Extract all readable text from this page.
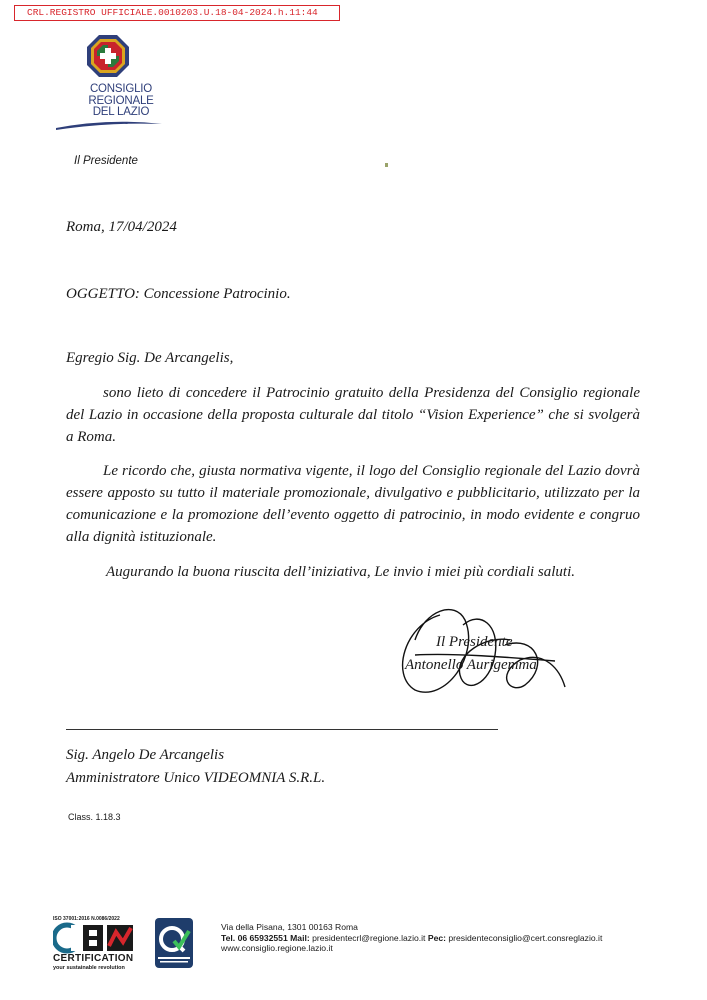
CRL.REGISTRO UFFICIALE.0010203.U.18-04-2024.h.11:44
CONSIGLIO
REGIONALE
DEL LAZIO
Il Presidente
Roma, 17/04/2024
OGGETTO: Concessione Patrocinio.
Egregio Sig. De Arcangelis,

sono lieto di concedere il Patrocinio gratuito della Presidenza del Consiglio regionale del Lazio in occasione della proposta culturale dal titolo “Vision Experience” che si svolgerà a Roma.

Le ricordo che, giusta normativa vigente, il logo del Consiglio regionale del Lazio dovrà essere apposto su tutto il materiale promozionale, divulgativo e pubblicitario, utilizzato per la comunicazione e la promozione dell’evento oggetto di patrocinio, in modo evidente e congruo alla dignità istituzionale.

Augurando la buona riuscita dell’iniziativa, Le invio i miei più cordiali saluti.
Il Presidente
Antonello Aurigemma
Sig. Angelo De Arcangelis
Amministratore Unico VIDEOMNIA S.R.L.
Class. 1.18.3
ISO 37001:2016 N.0086/2022
CERTIFICATION
your sustainable revolution
Via della Pisana, 1301 00163 Roma
Tel. 06 65932551 Mail: presidentecrl@regione.lazio.it Pec: presidenteconsiglio@cert.consreglazio.it
www.consiglio.regione.lazio.it
